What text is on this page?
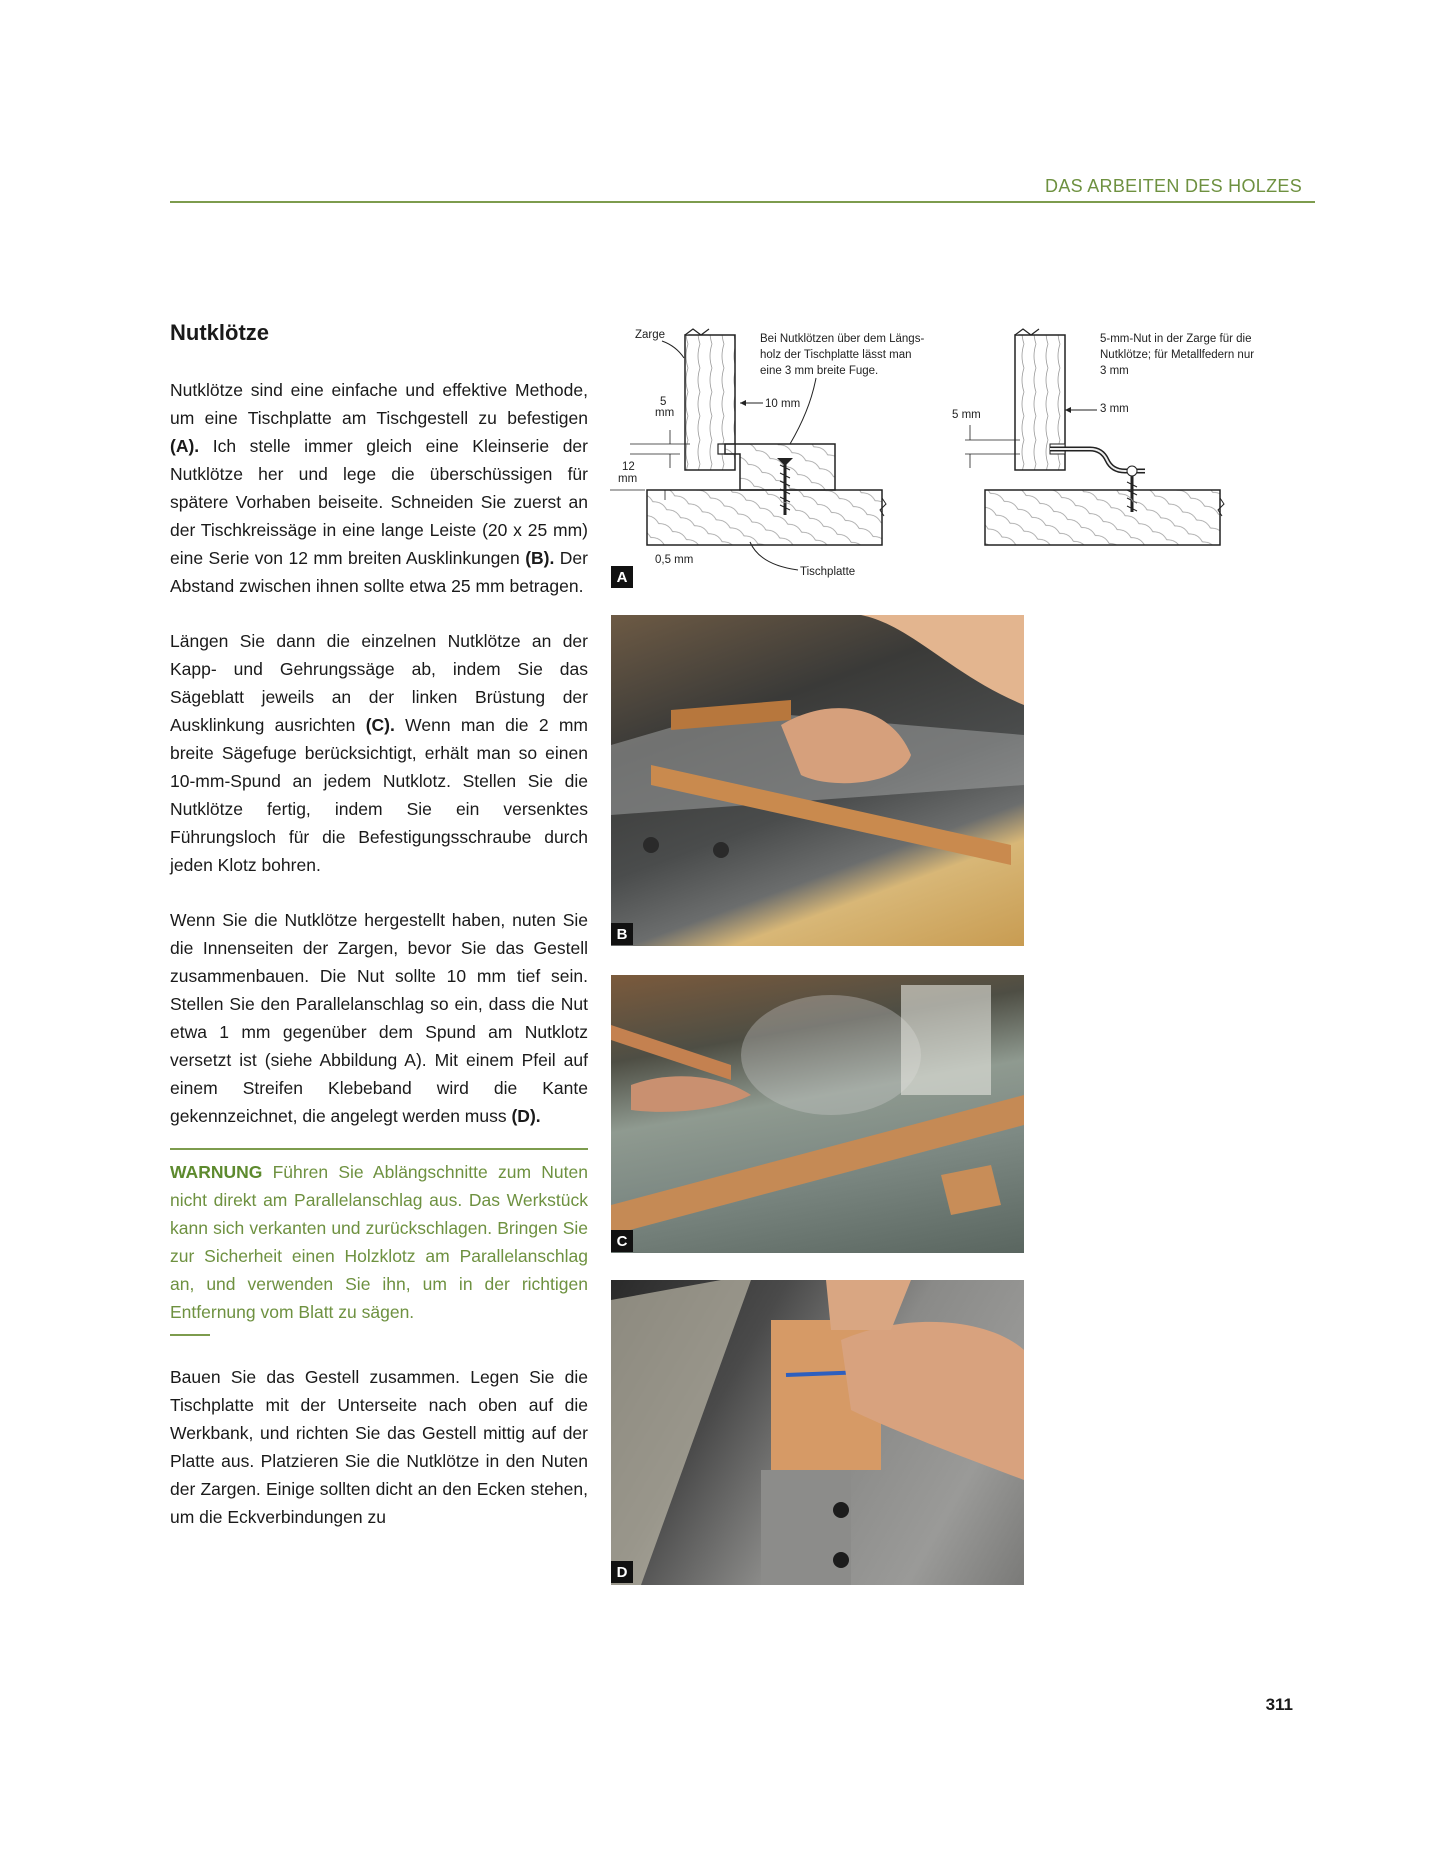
DAS ARBEITEN DES HOLZES
Nutklötze

Nutklötze sind eine einfache und effektive Methode, um eine Tischplatte am Tischgestell zu befestigen (A). Ich stelle immer gleich eine Kleinserie der Nutklötze her und lege die überschüssigen für spätere Vorhaben beiseite. Schneiden Sie zuerst an der Tischkreissäge in eine lange Leiste (20 x 25 mm) eine Serie von 12 mm breiten Ausklinkungen (B). Der Abstand zwischen ihnen sollte etwa 25 mm betragen.

Längen Sie dann die einzelnen Nutklötze an der Kapp- und Gehrungssäge ab, indem Sie das Sägeblatt jeweils an der linken Brüstung der Ausklinkung ausrichten (C). Wenn man die 2 mm breite Sägefuge berücksichtigt, erhält man so einen 10-mm-Spund an jedem Nutklotz. Stellen Sie die Nutklötze fertig, indem Sie ein versenktes Führungsloch für die Befestigungsschraube durch jeden Klotz bohren.

Wenn Sie die Nutklötze hergestellt haben, nuten Sie die Innenseiten der Zargen, bevor Sie das Gestell zusammenbauen. Die Nut sollte 10 mm tief sein. Stellen Sie den Parallelanschlag so ein, dass die Nut etwa 1 mm gegenüber dem Spund am Nutklotz versetzt ist (siehe Abbildung A). Mit einem Pfeil auf einem Streifen Klebeband wird die Kante gekennzeichnet, die angelegt werden muss (D).

WARNUNG Führen Sie Ablängschnitte zum Nuten nicht direkt am Parallelanschlag aus. Das Werkstück kann sich verkanten und zurückschlagen. Bringen Sie zur Sicherheit einen Holzklotz am Parallelanschlag an, und verwenden Sie ihn, um in der richtigen Entfernung vom Blatt zu sägen.

Bauen Sie das Gestell zusammen. Legen Sie die Tischplatte mit der Unterseite nach oben auf die Werkbank, und richten Sie das Gestell mittig auf der Platte aus. Platzieren Sie die Nutklötze in den Nuten der Zargen. Einige sollten dicht an den Ecken stehen, um die Eckverbindungen zu

Zarge	Bei Nutklötzen über dem Längs-
holz der Tischplatte lässt man
eine 3 mm breite Fuge.
5
mm
10 mm
12
mm
0,5 mm
Tischplatte
5-mm-Nut in der Zarge für die
Nutklötze; für Metallfedern nur
3 mm
5 mm	3 mm
A
B
C
D
311
